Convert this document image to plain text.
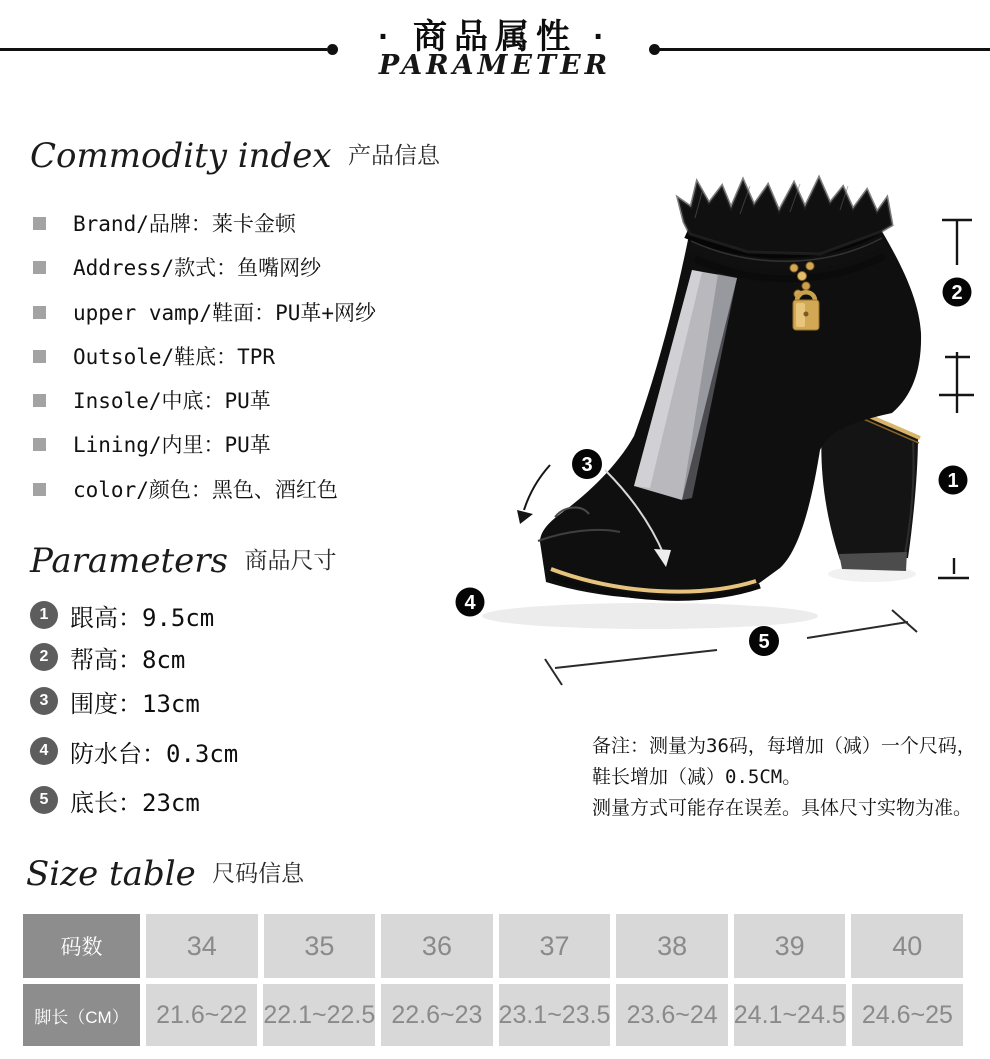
· 商品属性 ·
PARAMETER
Commodity index 产品信息
Brand/品牌：莱卡金顿
Address/款式：鱼嘴网纱
upper vamp/鞋面：PU革+网纱
Outsole/鞋底：TPR
Insole/中底：PU革
Lining/内里：PU革
color/颜色：黑色、酒红色
Parameters 商品尺寸
1 跟高：9.5cm
2 帮高：8cm
3 围度：13cm
4 防水台：0.3cm
5 底长：23cm
2
1
3
4
5
备注：测量为36码，每增加（减）一个尺码，
鞋长增加（减）0.5CM。
测量方式可能存在误差。具体尺寸实物为准。
Size table 尺码信息
码数	34	35	36	37	38	39	40
脚长（CM）	21.6~22 22.1~22.5 22.6~23 23.1~23.5 23.6~24 24.1~24.5 24.6~25
